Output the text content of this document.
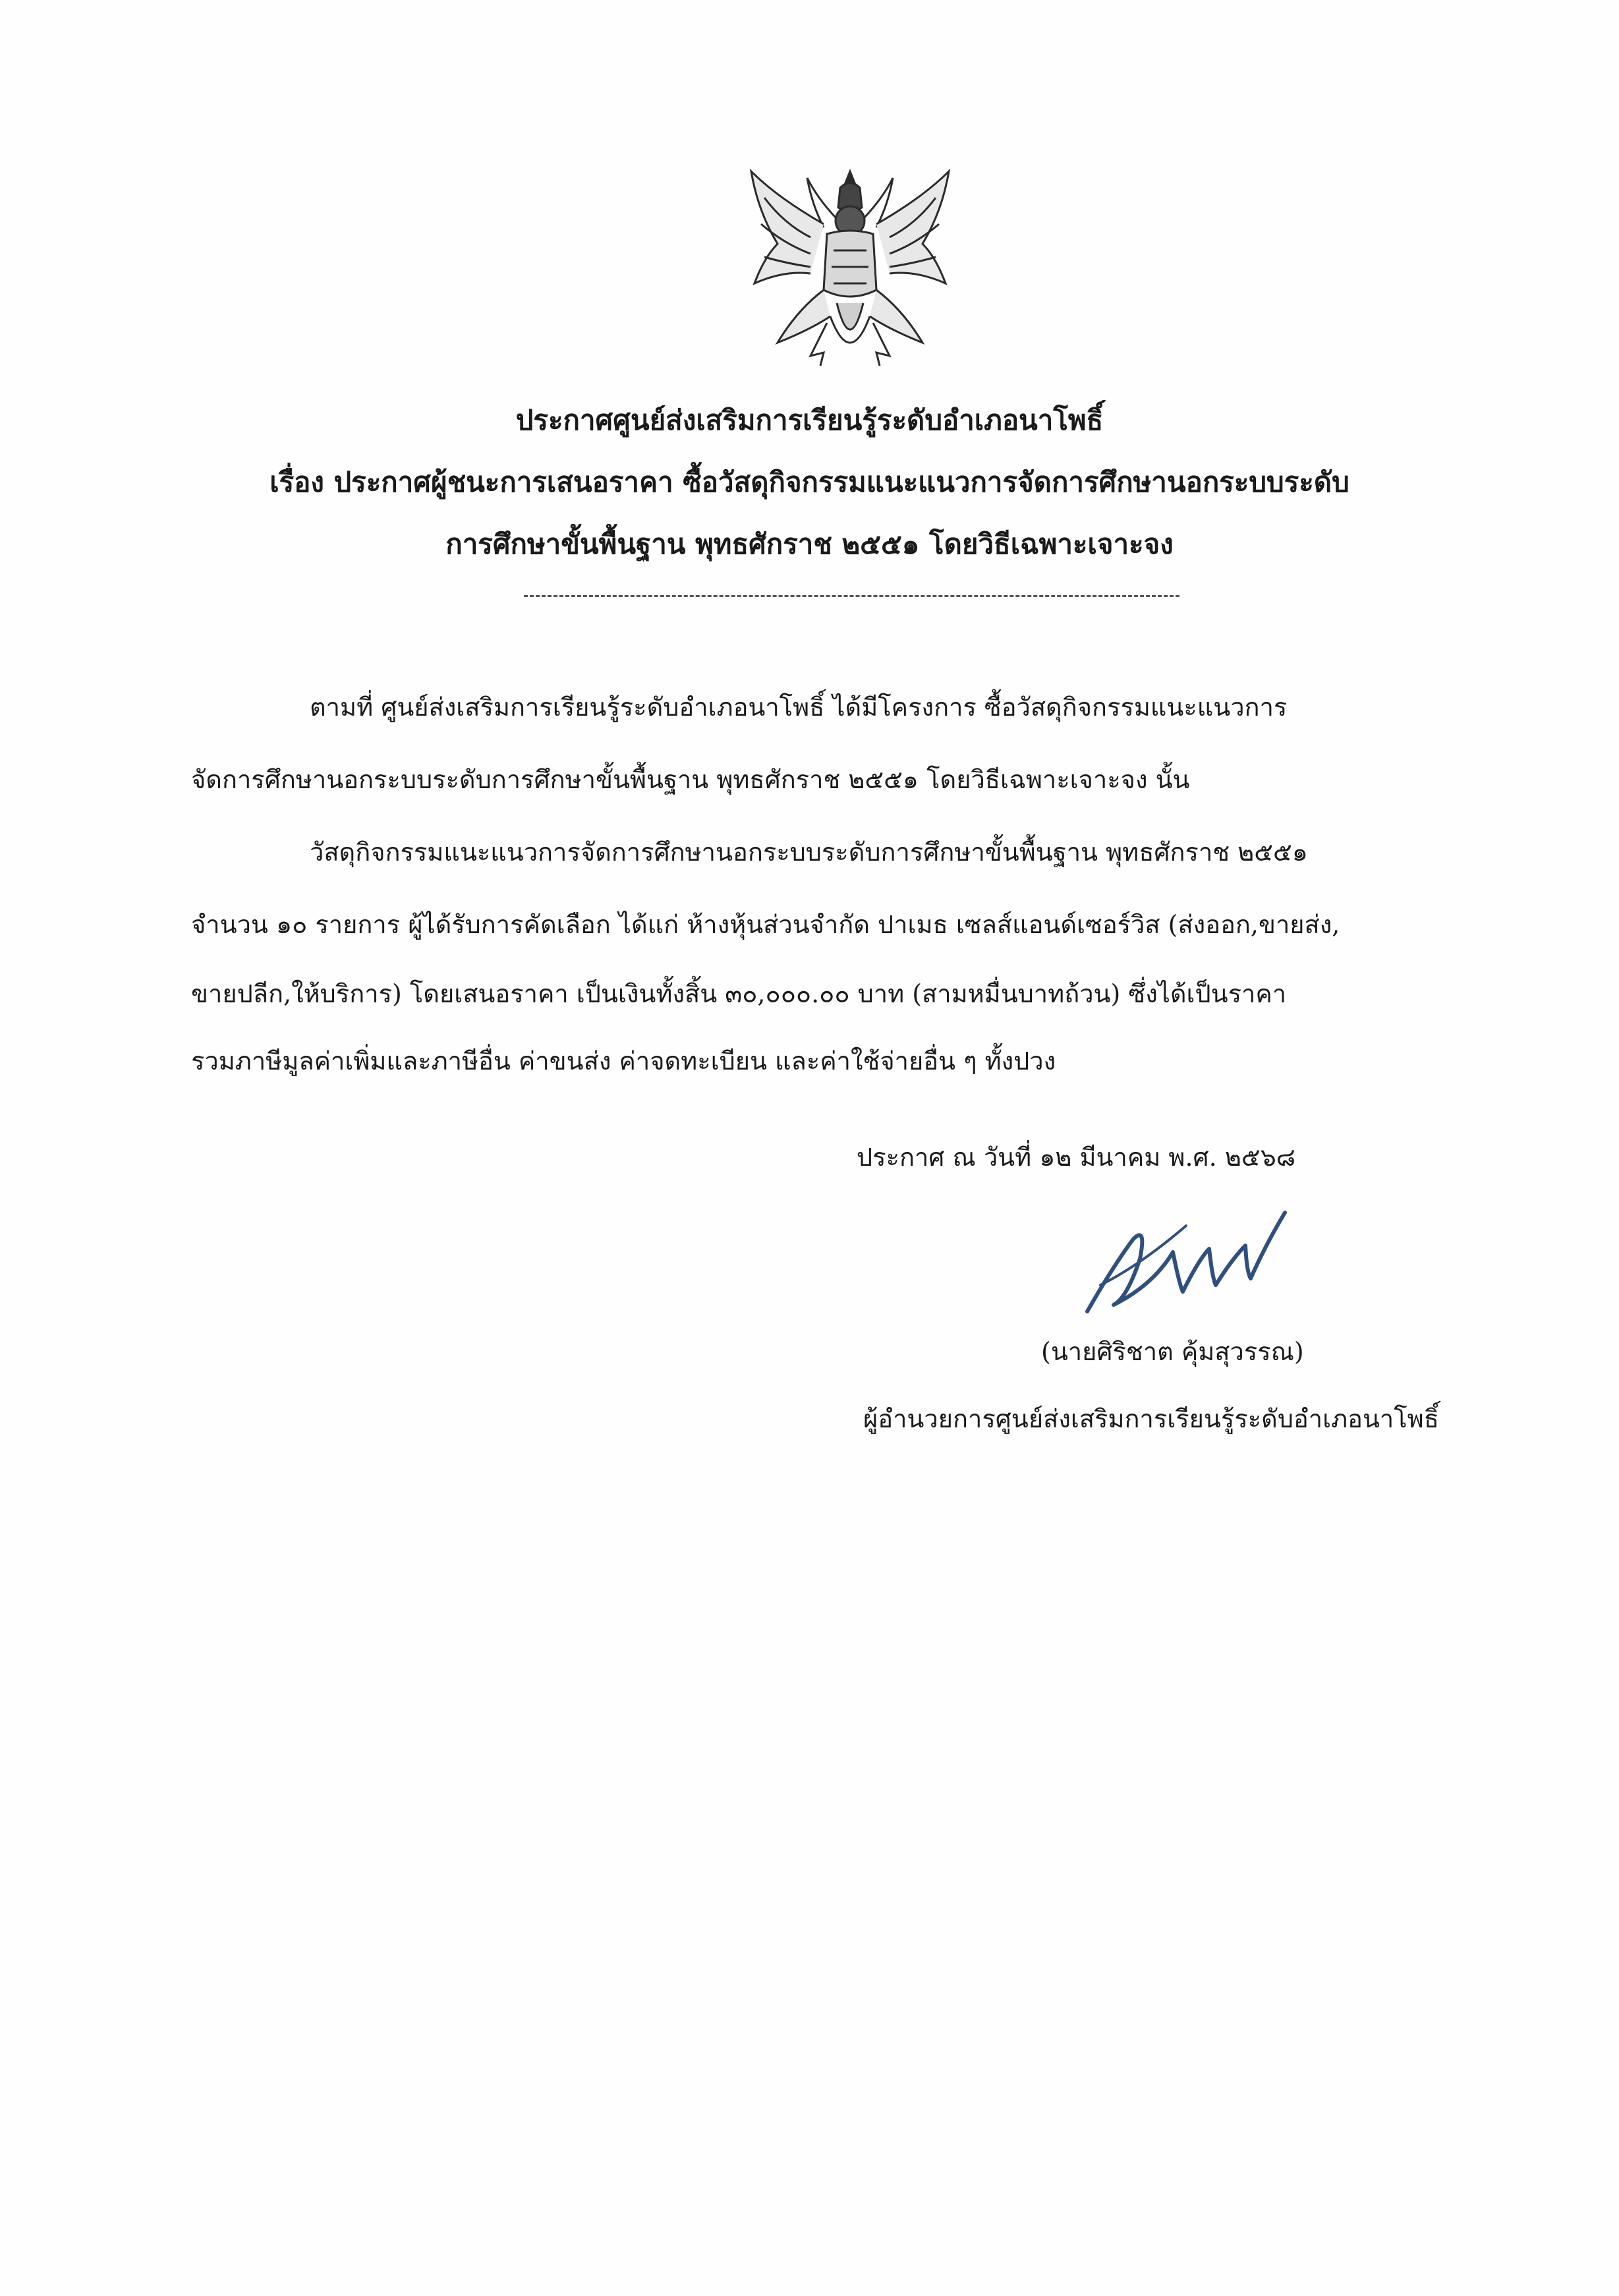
ประกาศศูนย์ส่งเสริมการเรียนรู้ระดับอำเภอนาโพธิ์
เรื่อง ประกาศผู้ชนะการเสนอราคา ซื้อวัสดุกิจกรรมแนะแนวการจัดการศึกษานอกระบบระดับ
การศึกษาขั้นพื้นฐาน พุทธศักราช ๒๕๕๑ โดยวิธีเฉพาะเจาะจง
ตามที่ ศูนย์ส่งเสริมการเรียนรู้ระดับอำเภอนาโพธิ์ ได้มีโครงการ ซื้อวัสดุกิจกรรมแนะแนวการ
จัดการศึกษานอกระบบระดับการศึกษาขั้นพื้นฐาน พุทธศักราช ๒๕๕๑ โดยวิธีเฉพาะเจาะจง นั้น
วัสดุกิจกรรมแนะแนวการจัดการศึกษานอกระบบระดับการศึกษาขั้นพื้นฐาน พุทธศักราช ๒๕๕๑
จำนวน ๑๐ รายการ ผู้ได้รับการคัดเลือก ได้แก่ ห้างหุ้นส่วนจำกัด ปาเมธ เซลส์แอนด์เซอร์วิส (ส่งออก,ขายส่ง,
ขายปลีก,ให้บริการ) โดยเสนอราคา เป็นเงินทั้งสิ้น ๓๐,๐๐๐.๐๐ บาท (สามหมื่นบาทถ้วน) ซึ่งได้เป็นราคา
รวมภาษีมูลค่าเพิ่มและภาษีอื่น ค่าขนส่ง ค่าจดทะเบียน และค่าใช้จ่ายอื่น ๆ ทั้งปวง
ประกาศ ณ วันที่ ๑๒ มีนาคม พ.ศ. ๒๕๖๘
(นายศิริชาต คุ้มสุวรรณ)
ผู้อำนวยการศูนย์ส่งเสริมการเรียนรู้ระดับอำเภอนาโพธิ์
